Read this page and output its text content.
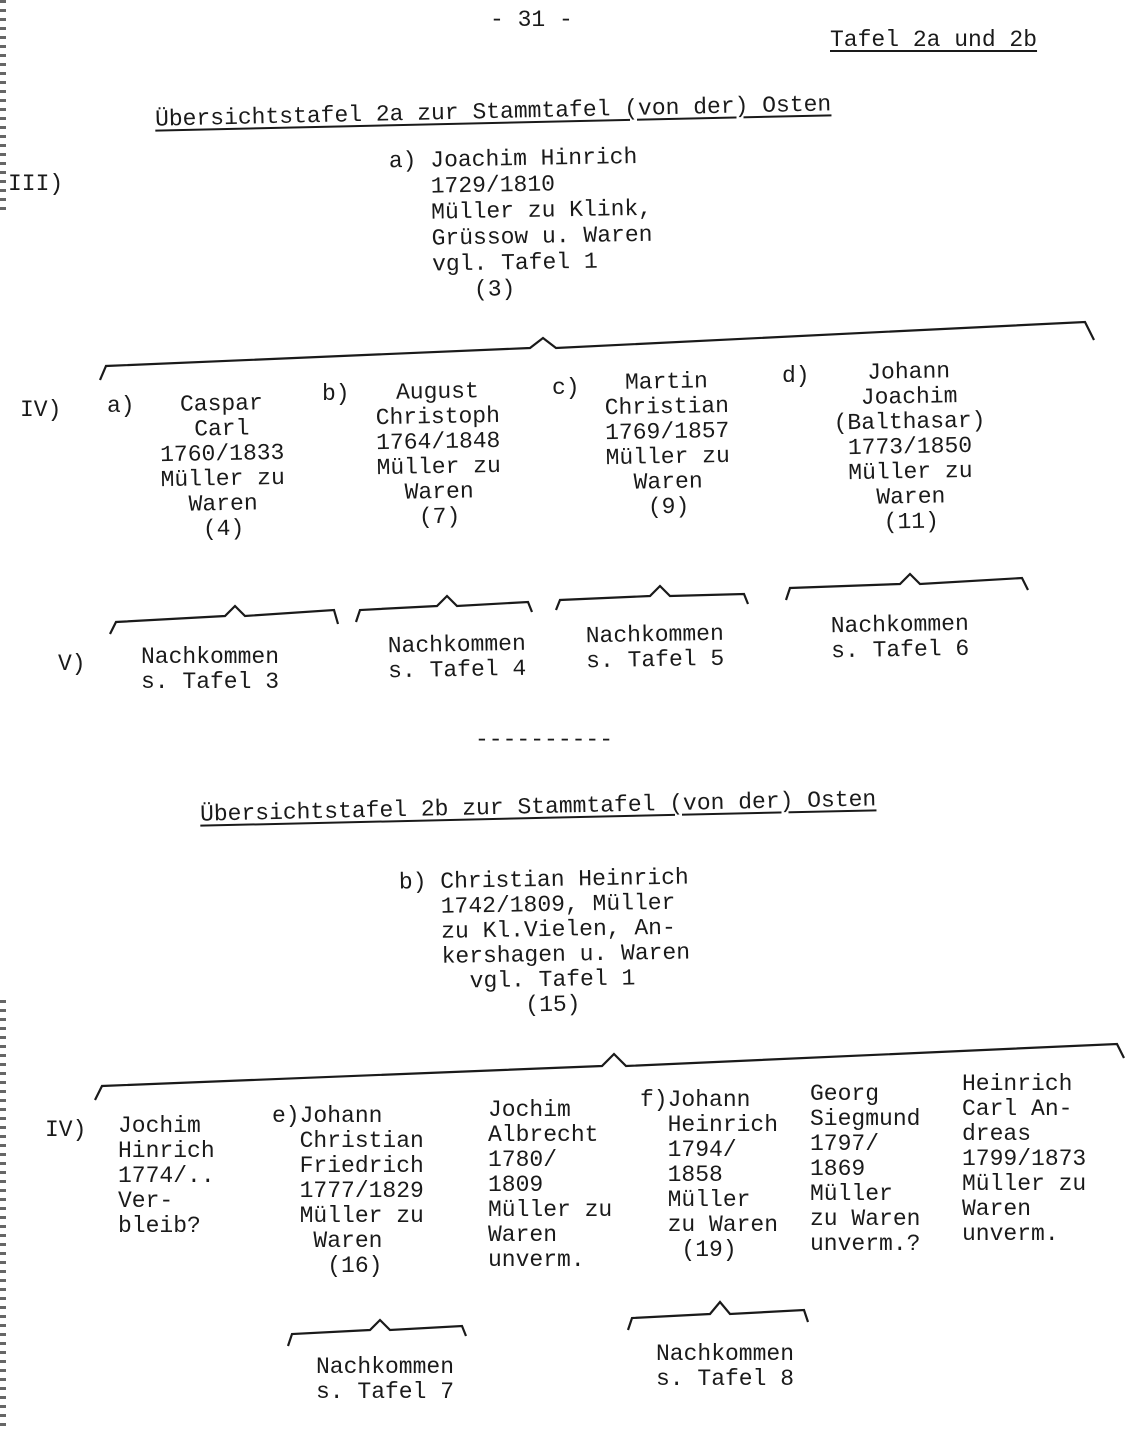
- 31 -
Tafel 2a und 2b
Übersichtstafel 2a zur Stammtafel (von der) Osten
III)
a) Joachim Hinrich
1729/1810
Müller zu Klink,
Grüssow u. Waren
vgl. Tafel 1
(3)
IV) a)	Caspar
Carl
1760/1833
Müller zu
Waren
(4)
b)	August
Christoph
1764/1848
Müller zu
Waren
(7)
c)	Martin
Christian
1769/1857
Müller zu
Waren
(9)
d)	Johann
Joachim
(Balthasar)
1773/1850
Müller zu
Waren
(11)
V)	Nachkommen
s. Tafel 3
Nachkommen
s. Tafel 4
Nachkommen
s. Tafel 5
Nachkommen
s. Tafel 6
----------
Übersichtstafel 2b zur Stammtafel (von der) Osten
b) Christian Heinrich
1742/1809, Müller
zu Kl.Vielen, An-
kershagen u. Waren
vgl. Tafel 1
(15)
IV) Jochim
Hinrich
1774/..
Ver-
bleib?
e)Johann
Christian
Friedrich
1777/1829
Müller zu
Waren
(16)
Jochim
Albrecht
1780/
1809
Müller zu
Waren
unverm.
f)Johann
Heinrich
1794/
1858
Müller
zu Waren
(19)
Georg
Siegmund
1797/
1869
Müller
zu Waren
unverm.?
Heinrich
Carl An-
dreas
1799/1873
Müller zu
Waren
unverm.
Nachkommen
s. Tafel 7
Nachkommen
s. Tafel 8
